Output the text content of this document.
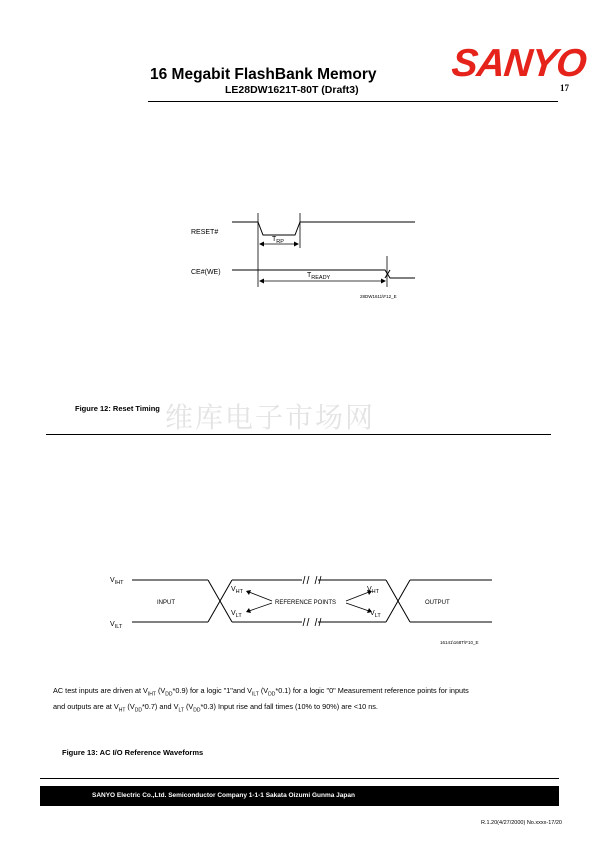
16 Megabit FlashBank Memory
LE28DW1621T-80T (Draft3)
SANYO
17
RESET#
CE#(WE)
$T_{RP}$
$T_{READY}$
28DW1611\F12_E
Figure 12: Reset Timing 维库电子市场网
$V_{IHT}$
$V_{ILT}$
$V_{HT}$
$V_{LT}$
$V_{HT}$
$V_{LT}$
INPUT	REFERENCE POINTS	OUTPUT
16141\168T\F10_E
AC test inputs are driven at $V_{IHT}$ $(V_{DD}*0.9)$ for a logic "1"and $V_{ILT}$ $(V_{DD}*0.1)$ for a logic "0" Measurement reference points for inputs
and outputs are at $V_{HT}$ $(V_{DD}*0.7)$ and $V_{LT}$ $(V_{DD}*0.3)$ Input rise and fall times (10% to 90%) are <10 ns.
Figure 13: AC I/O Reference Waveforms
SANYO Electric Co.,Ltd. Semiconductor Company 1-1-1 Sakata Oizumi Gunma Japan
R.1.20(4/27/2000) No.xxxx-17/20
